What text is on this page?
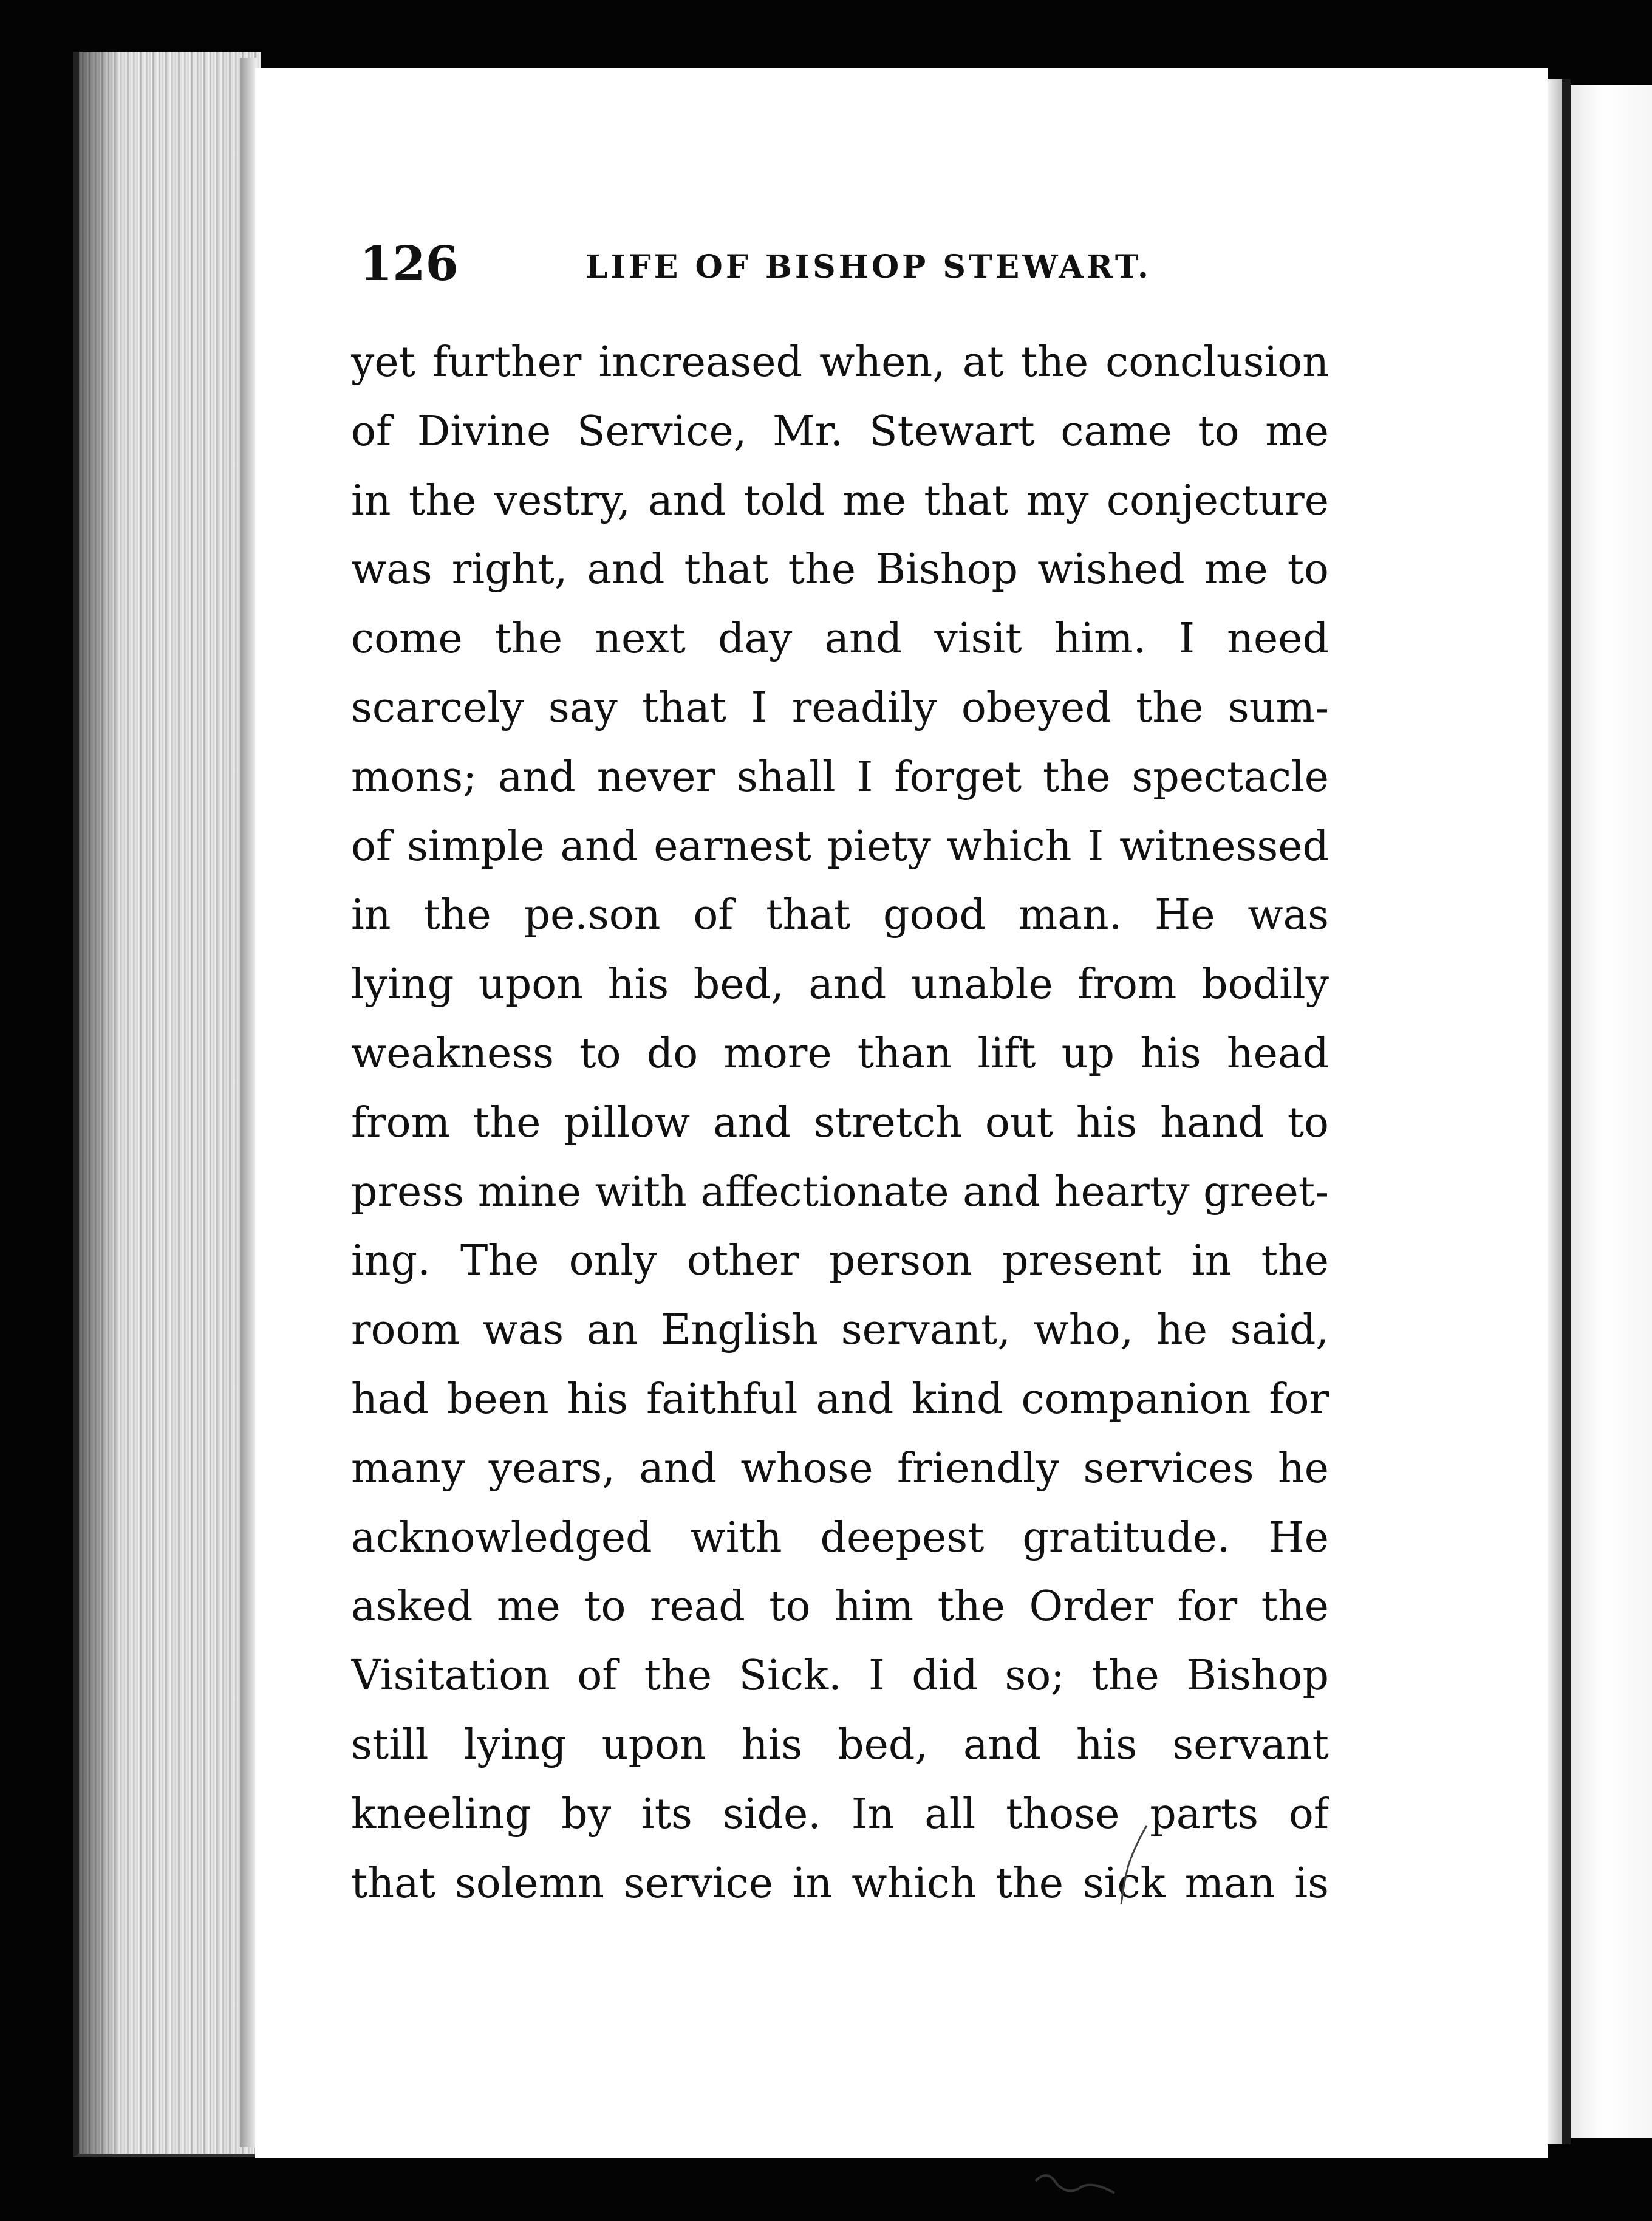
126	LIFE OF BISHOP STEWART.
yet further increased when, at the conclusion
of Divine Service, Mr. Stewart came to me
in the vestry, and told me that my conjecture
was right, and that the Bishop wished me to
come the next day and visit him. I need
scarcely say that I readily obeyed the sum-
mons; and never shall I forget the spectacle
of simple and earnest piety which I witnessed
in the pe.son of that good man. He was
lying upon his bed, and unable from bodily
weakness to do more than lift up his head
from the pillow and stretch out his hand to
press mine with affectionate and hearty greet-
ing. The only other person present in the
room was an English servant, who, he said,
had been his faithful and kind companion for
many years, and whose friendly services he
acknowledged with deepest gratitude. He
asked me to read to him the Order for the
Visitation of the Sick. I did so; the Bishop
still lying upon his bed, and his servant
kneeling by its side. In all those parts of
that solemn service in which the sick man is
